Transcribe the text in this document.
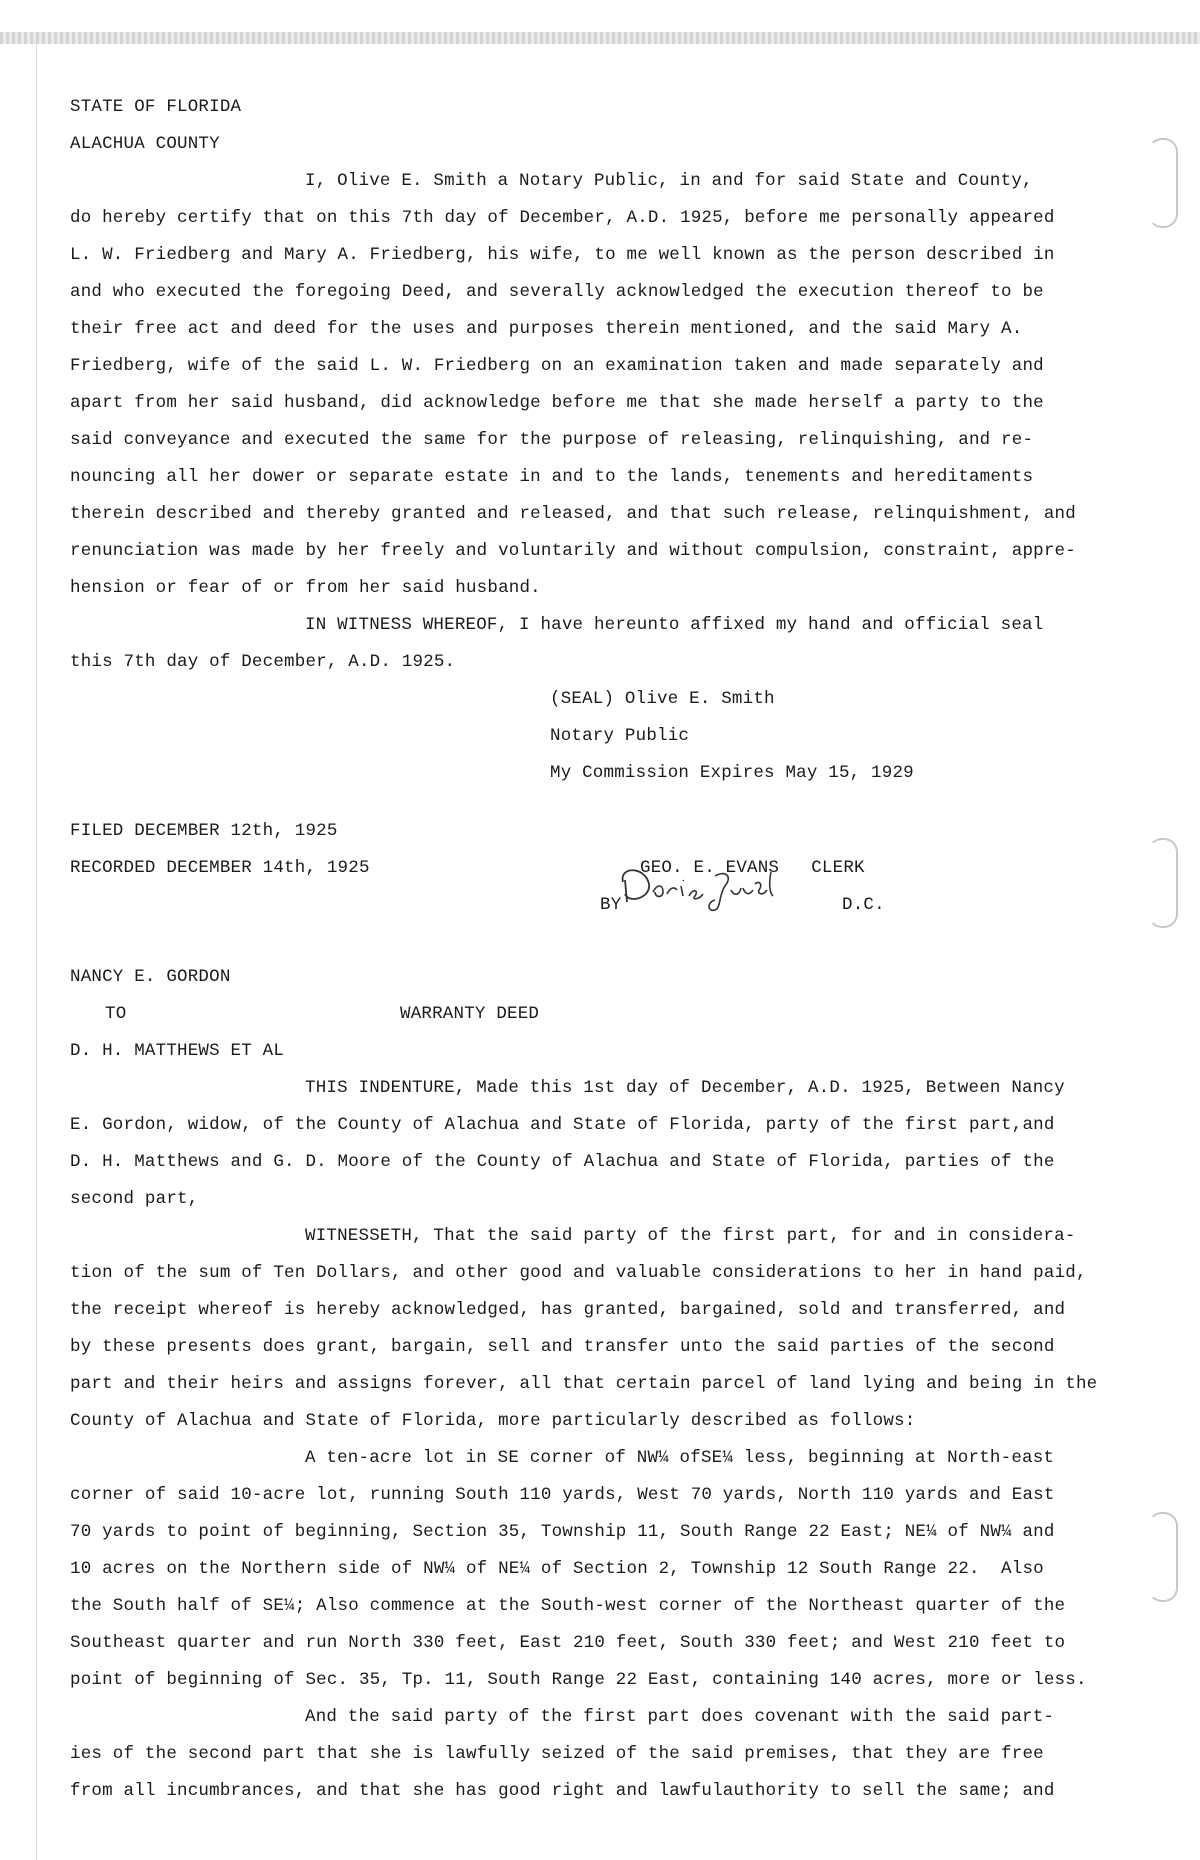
STATE OF FLORIDA
ALACHUA COUNTY
I, Olive E. Smith a Notary Public, in and for said State and County,
do hereby certify that on this 7th day of December, A.D. 1925, before me personally appeared
L. W. Friedberg and Mary A. Friedberg, his wife, to me well known as the person described in
and who executed the foregoing Deed, and severally acknowledged the execution thereof to be
their free act and deed for the uses and purposes therein mentioned, and the said Mary A.
Friedberg, wife of the said L. W. Friedberg on an examination taken and made separately and
apart from her said husband, did acknowledge before me that she made herself a party to the
said conveyance and executed the same for the purpose of releasing, relinquishing, and re-
nouncing all her dower or separate estate in and to the lands, tenements and hereditaments
therein described and thereby granted and released, and that such release, relinquishment, and
renunciation was made by her freely and voluntarily and without compulsion, constraint, appre-
hension or fear of or from her said husband.
IN WITNESS WHEREOF, I have hereunto affixed my hand and official seal
this 7th day of December, A.D. 1925.
(SEAL) Olive E. Smith
Notary Public
My Commission Expires May 15, 1929
FILED DECEMBER 12th, 1925
RECORDED DECEMBER 14th, 1925	GEO. E. EVANS   CLERK
BY	D.C.
NANCY E. GORDON
WARRANTY DEED
TO
D. H. MATTHEWS ET AL
THIS INDENTURE, Made this 1st day of December, A.D. 1925, Between Nancy
E. Gordon, widow, of the County of Alachua and State of Florida, party of the first part,and
D. H. Matthews and G. D. Moore of the County of Alachua and State of Florida, parties of the
second part,
WITNESSETH, That the said party of the first part, for and in considera-
tion of the sum of Ten Dollars, and other good and valuable considerations to her in hand paid,
the receipt whereof is hereby acknowledged, has granted, bargained, sold and transferred, and
by these presents does grant, bargain, sell and transfer unto the said parties of the second
part and their heirs and assigns forever, all that certain parcel of land lying and being in the
County of Alachua and State of Florida, more particularly described as follows:
A ten-acre lot in SE corner of NW¼ ofSE¼ less, beginning at North-east
corner of said 10-acre lot, running South 110 yards, West 70 yards, North 110 yards and East
70 yards to point of beginning, Section 35, Township 11, South Range 22 East; NE¼ of NW¼ and
10 acres on the Northern side of NW¼ of NE¼ of Section 2, Township 12 South Range 22.  Also
the South half of SE¼; Also commence at the South-west corner of the Northeast quarter of the
Southeast quarter and run North 330 feet, East 210 feet, South 330 feet; and West 210 feet to
point of beginning of Sec. 35, Tp. 11, South Range 22 East, containing 140 acres, more or less.
And the said party of the first part does covenant with the said part-
ies of the second part that she is lawfully seized of the said premises, that they are free
from all incumbrances, and that she has good right and lawfulauthority to sell the same; and
